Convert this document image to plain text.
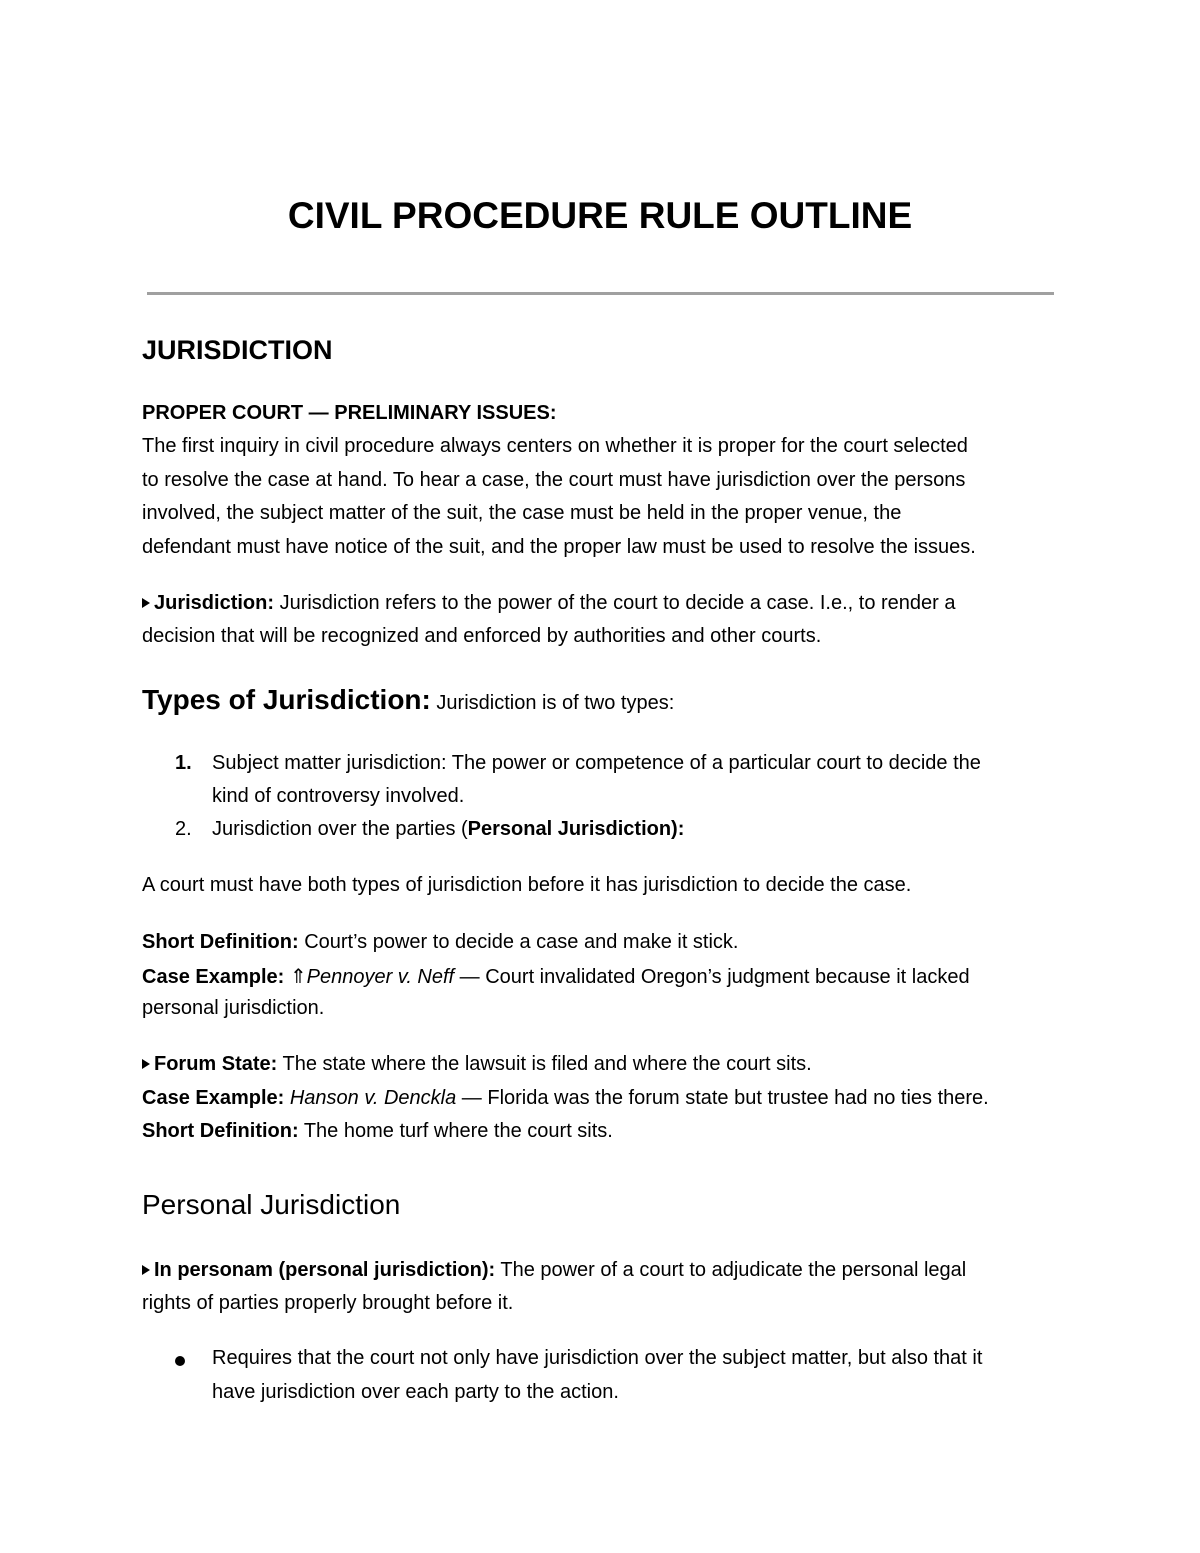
CIVIL PROCEDURE RULE OUTLINE
JURISDICTION
PROPER COURT — PRELIMINARY ISSUES:
The first inquiry in civil procedure always centers on whether it is proper for the court selected
to resolve the case at hand. To hear a case, the court must have jurisdiction over the persons
involved, the subject matter of the suit, the case must be held in the proper venue, the
defendant must have notice of the suit, and the proper law must be used to resolve the issues.
Jurisdiction: Jurisdiction refers to the power of the court to decide a case. I.e., to render a
decision that will be recognized and enforced by authorities and other courts.
Types of Jurisdiction: Jurisdiction is of two types:
1. Subject matter jurisdiction: The power or competence of a particular court to decide the
kind of controversy involved.
2. Jurisdiction over the parties (Personal Jurisdiction):
A court must have both types of jurisdiction before it has jurisdiction to decide the case.
Short Definition: Court’s power to decide a case and make it stick.
Case Example: ⇑Pennoyer v. Neff — Court invalidated Oregon’s judgment because it lacked
personal jurisdiction.
Forum State: The state where the lawsuit is filed and where the court sits.
Case Example: Hanson v. Denckla — Florida was the forum state but trustee had no ties there.
Short Definition: The home turf where the court sits.
Personal Jurisdiction
In personam (personal jurisdiction): The power of a court to adjudicate the personal legal
rights of parties properly brought before it.
Requires that the court not only have jurisdiction over the subject matter, but also that it
have jurisdiction over each party to the action.
